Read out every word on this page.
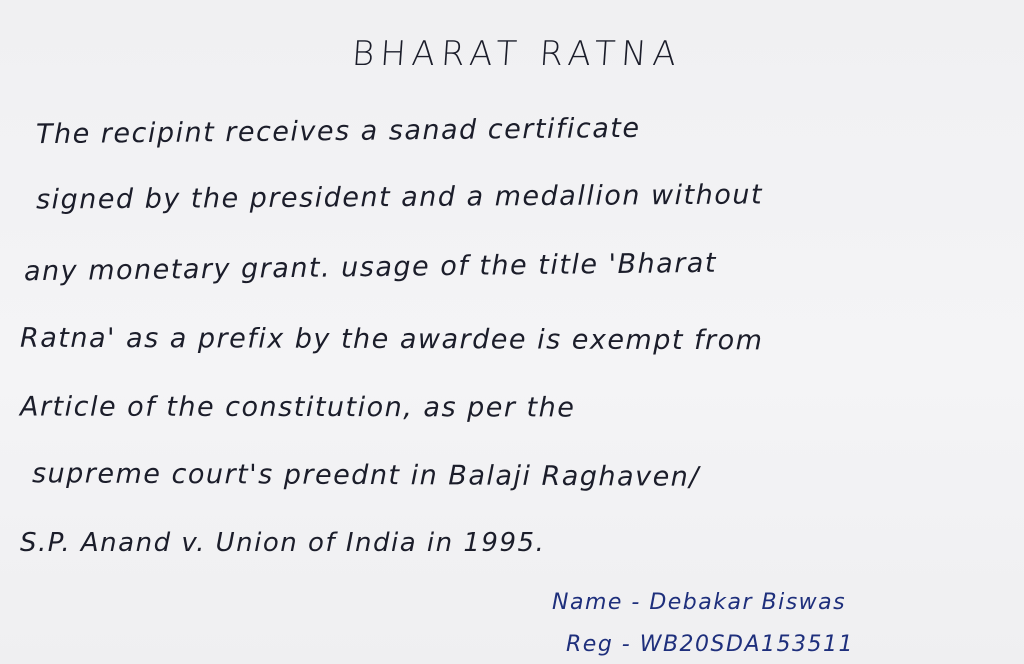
BHARAT RATNA
The recipint receives a sanad certificate
signed by the president and a medallion without
any monetary grant. usage of the title 'Bharat
Ratna' as a prefix by the awardee is exempt from
Article of the constitution, as per the
supreme court's preednt in Balaji Raghaven/
S.P. Anand v. Union of India in 1995.
Name - Debakar Biswas
Reg - WB20SDA153511
